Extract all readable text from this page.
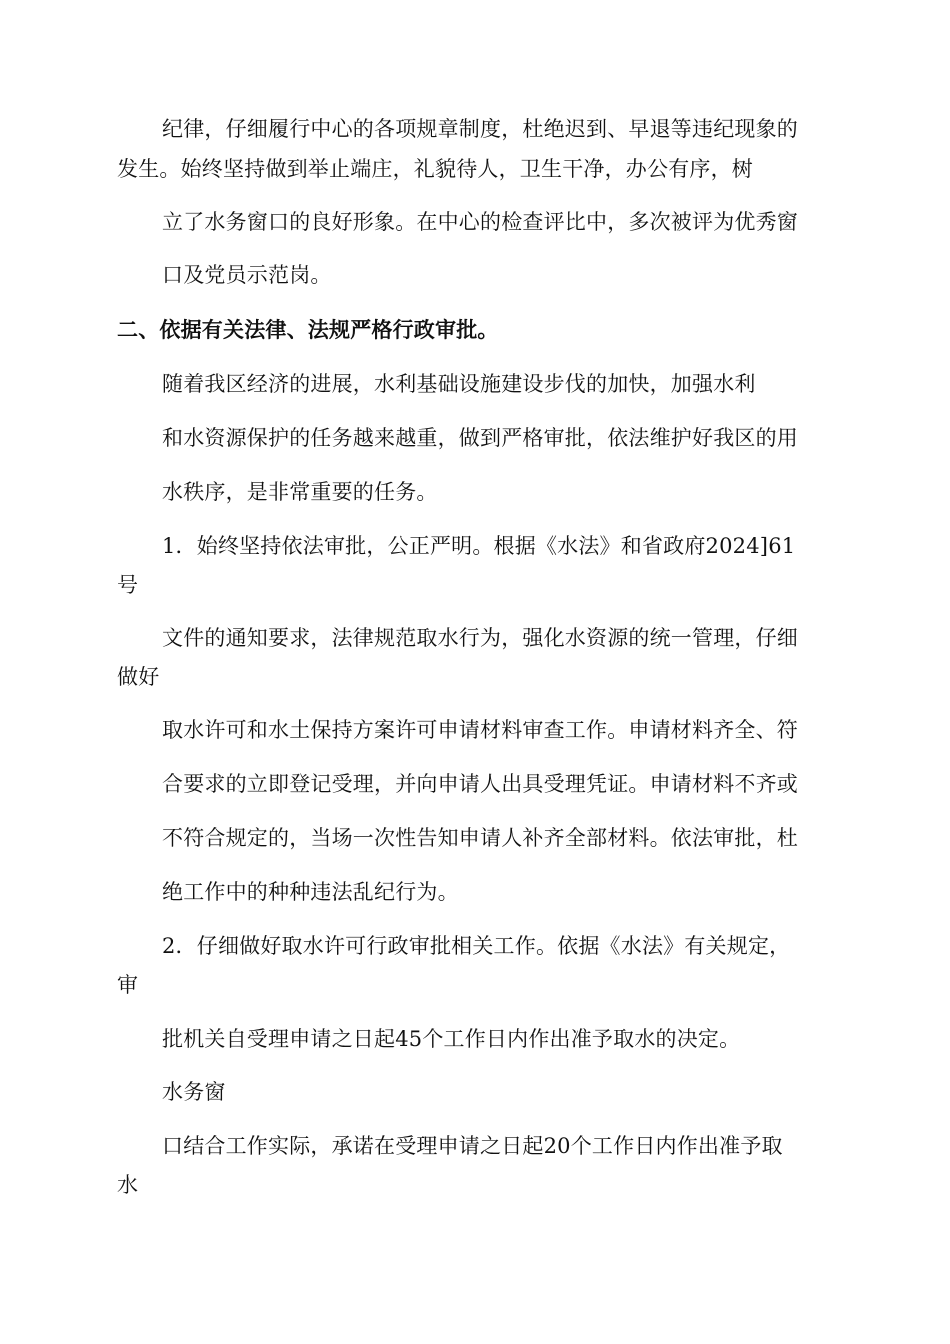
纪律，仔细履行中心的各项规章制度，杜绝迟到、早退等违纪现象的
发生。始终坚持做到举止端庄，礼貌待人，卫生干净，办公有序，树
立了水务窗口的良好形象。在中心的检查评比中，多次被评为优秀窗
口及党员示范岗。
二、依据有关法律、法规严格行政审批。
随着我区经济的进展，水利基础设施建设步伐的加快，加强水利
和水资源保护的任务越来越重，做到严格审批，依法维护好我区的用
水秩序，是非常重要的任务。
1．始终坚持依法审批，公正严明。根据《水法》和省政府2024]61
号
文件的通知要求，法律规范取水行为，强化水资源的统一管理，仔细
做好
取水许可和水土保持方案许可申请材料审查工作。申请材料齐全、符
合要求的立即登记受理，并向申请人出具受理凭证。申请材料不齐或
不符合规定的，当场一次性告知申请人补齐全部材料。依法审批，杜
绝工作中的种种违法乱纪行为。
2．仔细做好取水许可行政审批相关工作。依据《水法》有关规定，
审
批机关自受理申请之日起45个工作日内作出准予取水的决定。
水务窗
口结合工作实际，承诺在受理申请之日起20个工作日内作出准予取
水
